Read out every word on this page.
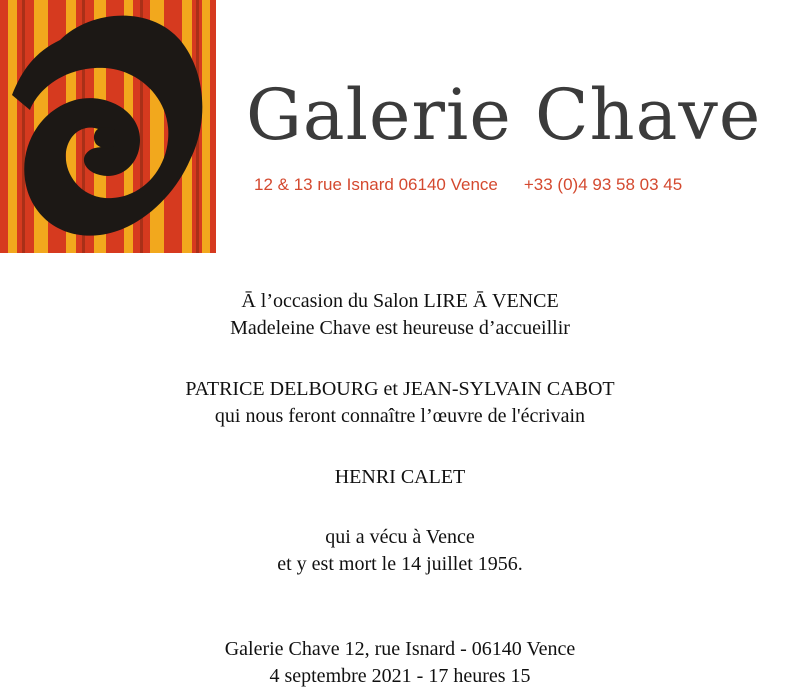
Galerie Chave
12 & 13 rue Isnard 06140 Vence +33 (0)4 93 58 03 45

Ā l’occasion du Salon LIRE Ā VENCE

Madeleine Chave est heureuse d’accueillir

PATRICE DELBOURG et JEAN-SYLVAIN CABOT

qui nous feront connaître l’œuvre de l'écrivain

HENRI CALET

qui a vécu à Vence

et y est mort le 14 juillet 1956.

Galerie Chave 12, rue Isnard - 06140 Vence

4 septembre 2021 - 17 heures 15
